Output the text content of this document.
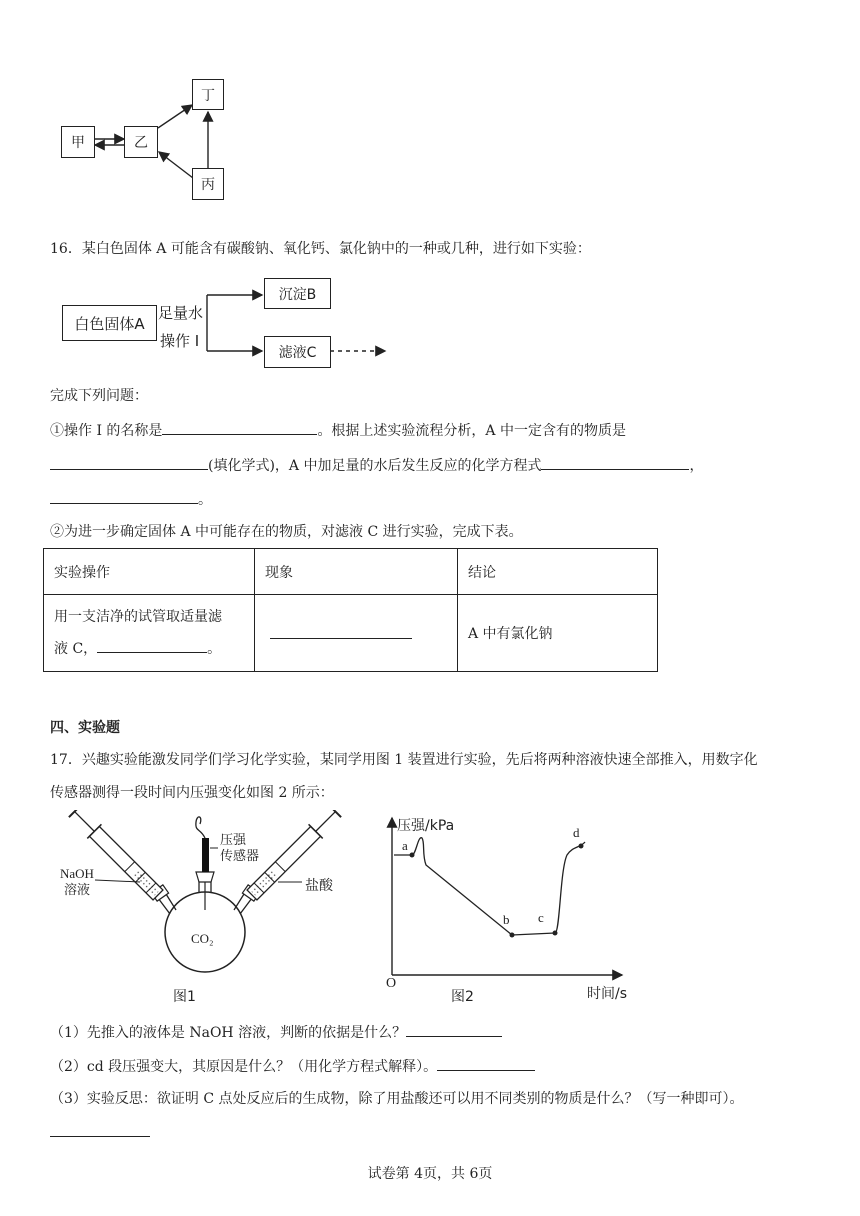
甲	乙
丁
丙
16．某白色固体 A 可能含有碳酸钠、氧化钙、氯化钠中的一种或几种，进行如下实验：
白色固体A
足量水
操作 I
沉淀B
滤液C
完成下列问题：
①操作 I 的名称是	。根据上述实验流程分析，A 中一定含有的物质是
(填化学式)，A 中加足量的水后发生反应的化学方程式	，
。
②为进一步确定固体 A 中可能存在的物质，对滤液 C 进行实验，完成下表。
实验操作	现象	结论

用一支洁净的试管取适量滤
液 C， 。		A 中有氯化钠
四、实验题
17．兴趣实验能激发同学们学习化学实验，某同学用图 1 装置进行实验，先后将两种溶液快速全部推入，用数字化
传感器测得一段时间内压强变化如图 2 所示：
NaOH
溶液
压强
传感器
盐酸
CO₂
图1
压强/kPa
时间/s
O
a
b c
d
图2
（1）先推入的液体是 NaOH 溶液，判断的依据是什么？
（2）cd 段压强变大，其原因是什么？（用化学方程式解释）。
（3）实验反思：欲证明 C 点处反应后的生成物，除了用盐酸还可以用不同类别的物质是什么？（写一种即可）。
试卷第 4页，共 6页
